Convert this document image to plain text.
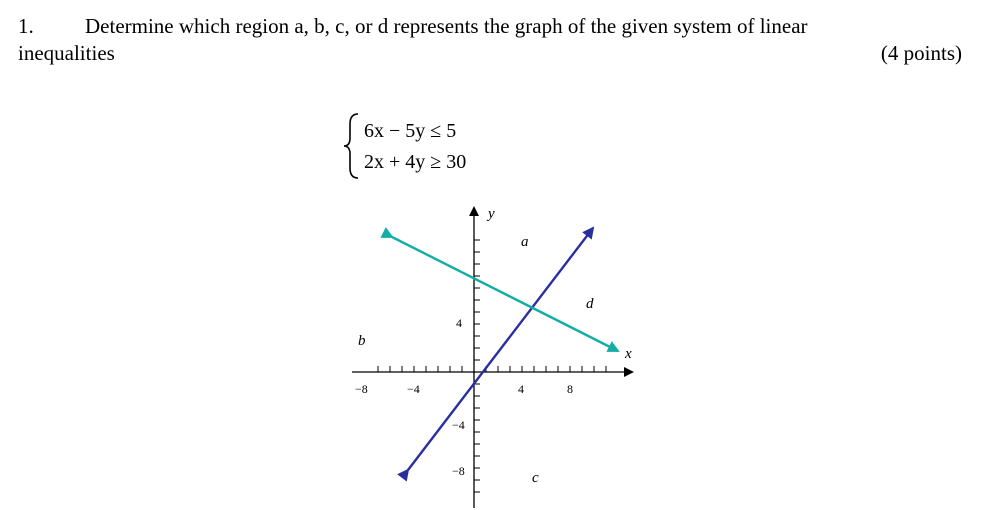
1. Determine which region a, b, c, or d represents the graph of the given system of linear
inequalities	(4 points)
6x − 5y ≤ 5
2x + 4y ≥ 30
y
x
−8	−4	4	8
4
−4
−8
a
b
c
d
